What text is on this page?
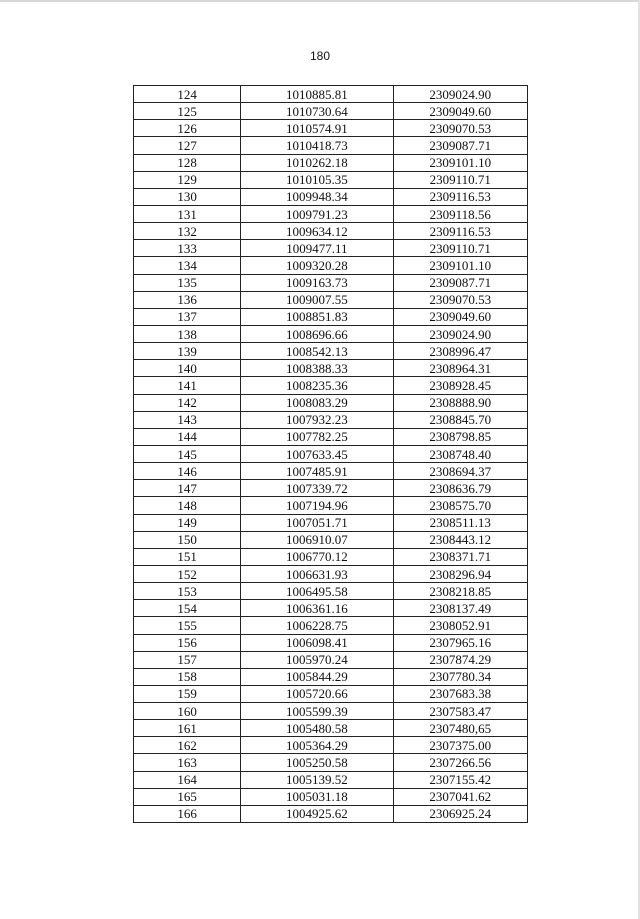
180
124	1010885.81	2309024.90
125	1010730.64	2309049.60
126	1010574.91	2309070.53
127	1010418.73	2309087.71
128	1010262.18	2309101.10
129	1010105.35	2309110.71
130	1009948.34	2309116.53
131	1009791.23	2309118.56
132	1009634.12	2309116.53
133	1009477.11	2309110.71
134	1009320.28	2309101.10
135	1009163.73	2309087.71
136	1009007.55	2309070.53
137	1008851.83	2309049.60
138	1008696.66	2309024.90
139	1008542.13	2308996.47
140	1008388.33	2308964.31
141	1008235.36	2308928.45
142	1008083.29	2308888.90
143	1007932.23	2308845.70
144	1007782.25	2308798.85
145	1007633.45	2308748.40
146	1007485.91	2308694.37
147	1007339.72	2308636.79
148	1007194.96	2308575.70
149	1007051.71	2308511.13
150	1006910.07	2308443.12
151	1006770.12	2308371.71
152	1006631.93	2308296.94
153	1006495.58	2308218.85
154	1006361.16	2308137.49
155	1006228.75	2308052.91
156	1006098.41	2307965.16
157	1005970.24	2307874.29
158	1005844.29	2307780.34
159	1005720.66	2307683.38
160	1005599.39	2307583.47
161	1005480.58	2307480,65
162	1005364.29	2307375.00
163	1005250.58	2307266.56
164	1005139.52	2307155.42
165	1005031.18	2307041.62
166	1004925.62	2306925.24
